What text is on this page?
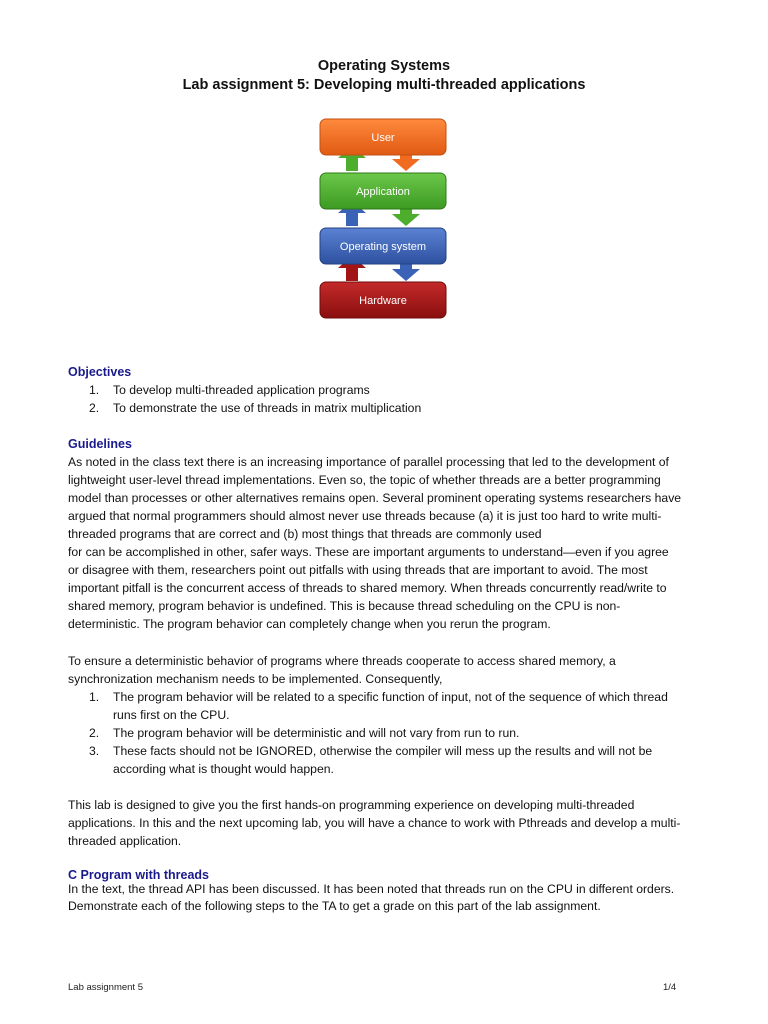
Operating Systems
Lab assignment 5: Developing multi-threaded applications
User
Application
Operating system
Hardware
Objectives
1. To develop multi-threaded application programs
2. To demonstrate the use of threads in matrix multiplication
Guidelines

As noted in the class text there is an increasing importance of parallel processing that led to the development of

lightweight user-level thread implementations. Even so, the topic of whether threads are a better programming

model than processes or other alternatives remains open. Several prominent operating systems researchers have

argued that normal programmers should almost never use threads because (a) it is just too hard to write multi-

threaded programs that are correct and (b) most things that threads are commonly used

for can be accomplished in other, safer ways. These are important arguments to understand—even if you agree

or disagree with them, researchers point out pitfalls with using threads that are important to avoid. The most

important pitfall is the concurrent access of threads to shared memory. When threads concurrently read/write to

shared memory, program behavior is undefined. This is because thread scheduling on the CPU is non-

deterministic. The program behavior can completely change when you rerun the program.

To ensure a deterministic behavior of programs where threads cooperate to access shared memory, a

synchronization mechanism needs to be implemented. Consequently,

1. The program behavior will be related to a specific function of input, not of the sequence of which thread
runs first on the CPU.
2. The program behavior will be deterministic and will not vary from run to run.
3. These facts should not be IGNORED, otherwise the compiler will mess up the results and will not be
according what is thought would happen.

This lab is designed to give you the first hands-on programming experience on developing multi-threaded

applications. In this and the next upcoming lab, you will have a chance to work with Pthreads and develop a multi-

threaded application.

C Program with threads

In the text, the thread API has been discussed. It has been noted that threads run on the CPU in different orders.

Demonstrate each of the following steps to the TA to get a grade on this part of the lab assignment.

Lab assignment 5	1/4
